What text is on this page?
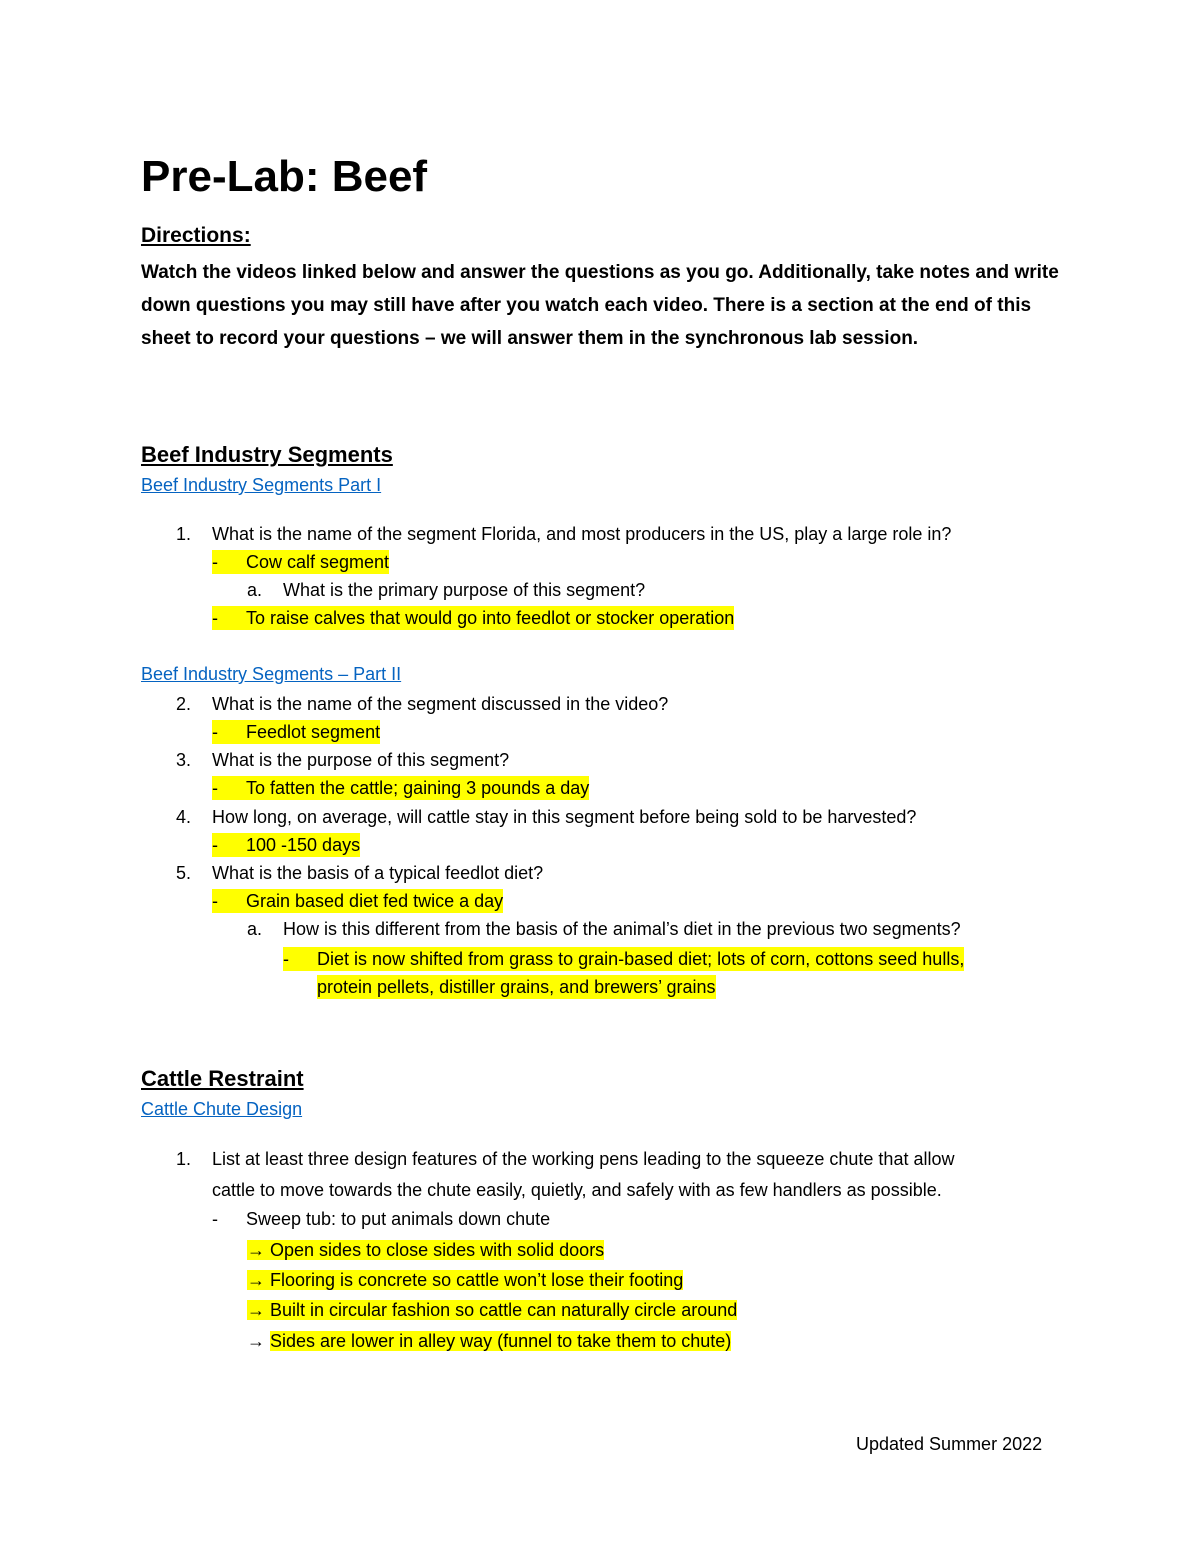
Pre-Lab: Beef
Directions:
Watch the videos linked below and answer the questions as you go. Additionally, take notes and write down questions you may still have after you watch each video. There is a section at the end of this sheet to record your questions – we will answer them in the synchronous lab session.
Beef Industry Segments
Beef Industry Segments Part I
1. What is the name of the segment Florida, and most producers in the US, play a large role in?
- Cow calf segment
a. What is the primary purpose of this segment?
- To raise calves that would go into feedlot or stocker operation
Beef Industry Segments – Part II
2. What is the name of the segment discussed in the video?
- Feedlot segment
3. What is the purpose of this segment?
- To fatten the cattle; gaining 3 pounds a day
4. How long, on average, will cattle stay in this segment before being sold to be harvested?
- 100 -150 days
5. What is the basis of a typical feedlot diet?
- Grain based diet fed twice a day
a. How is this different from the basis of the animal’s diet in the previous two segments?
- Diet is now shifted from grass to grain-based diet; lots of corn, cottons seed hulls,
protein pellets, distiller grains, and brewers’ grains
Cattle Restraint
Cattle Chute Design
1. List at least three design features of the working pens leading to the squeeze chute that allow
cattle to move towards the chute easily, quietly, and safely with as few handlers as possible.
- Sweep tub: to put animals down chute
→ Open sides to close sides with solid doors
→ Flooring is concrete so cattle won’t lose their footing
→ Built in circular fashion so cattle can naturally circle around
→ Sides are lower in alley way (funnel to take them to chute)
Updated Summer 2022
